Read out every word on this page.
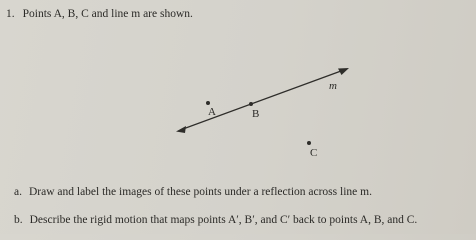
1. Points A, B, C and line m are shown.
m
A	B
C
a. Draw and label the images of these points under a reflection across line m.
b. Describe the rigid motion that maps points A′, B′, and C′ back to points A, B, and C.
